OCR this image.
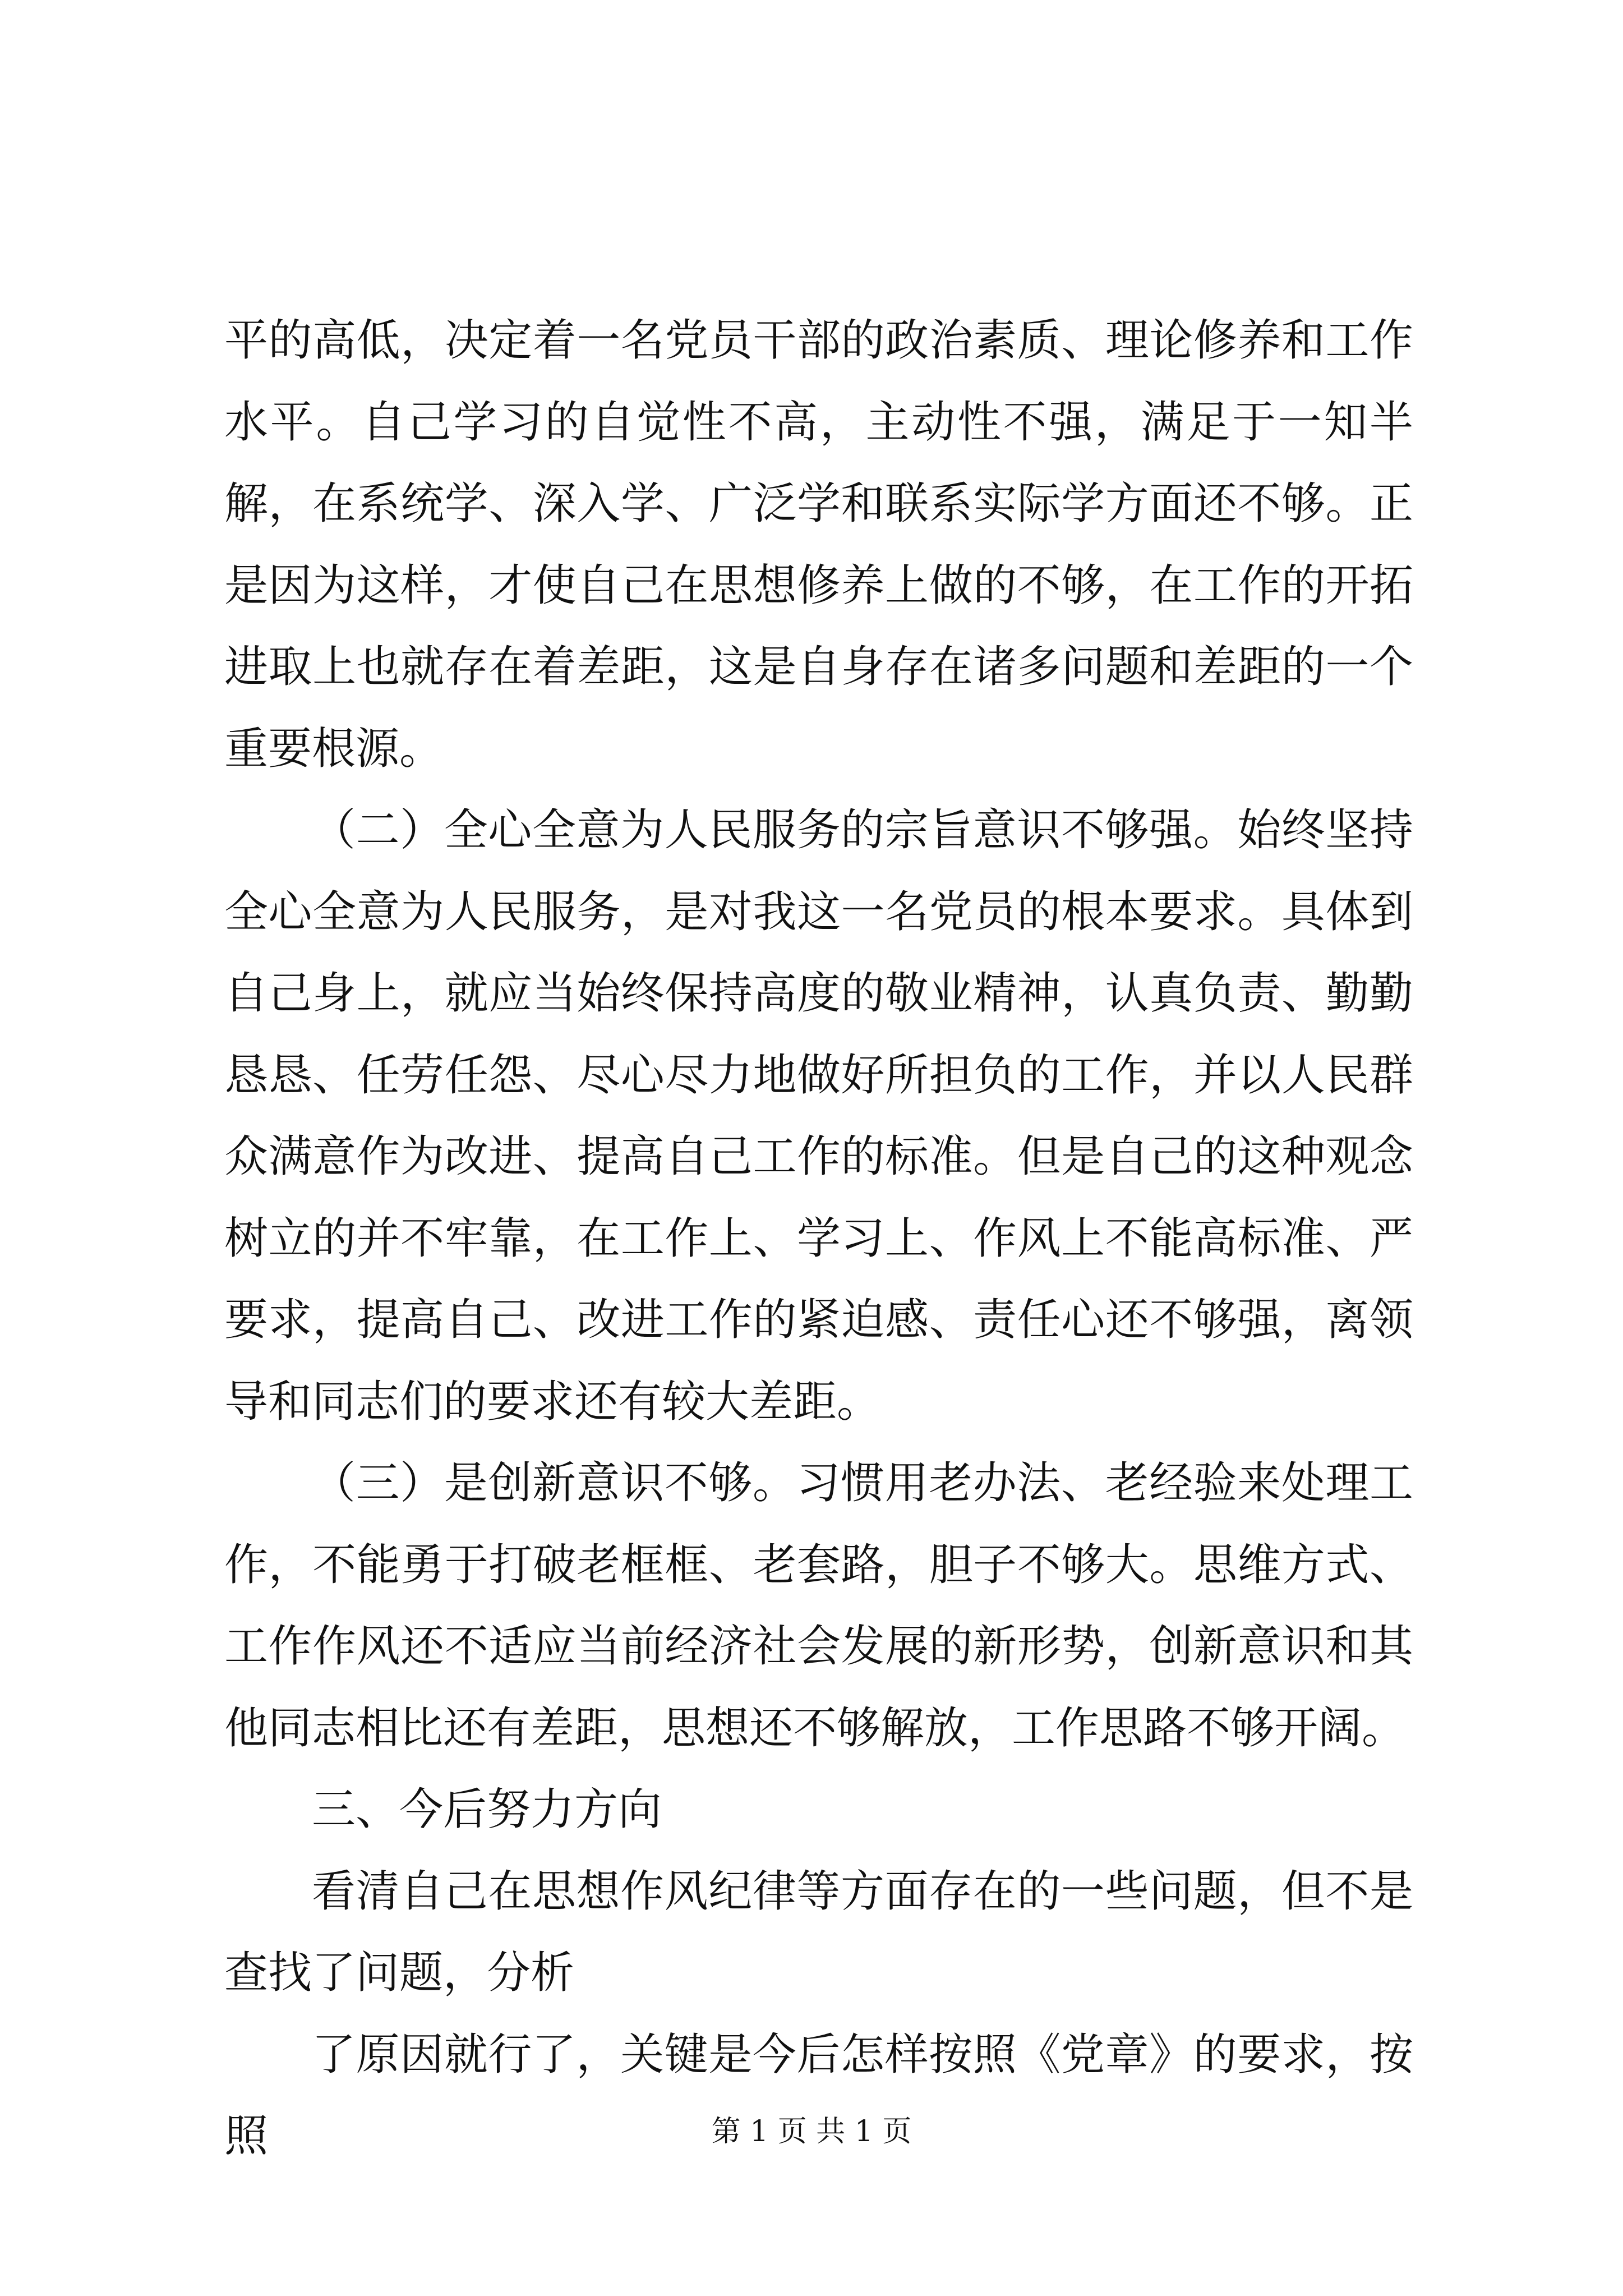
平的高低，决定着一名党员干部的政治素质、理论修养和工作水平。自己学习的自觉性不高，主动性不强，满足于一知半解，在系统学、深入学、广泛学和联系实际学方面还不够。正是因为这样，才使自己在思想修养上做的不够，在工作的开拓进取上也就存在着差距，这是自身存在诸多问题和差距的一个重要根源。

（二）全心全意为人民服务的宗旨意识不够强。始终坚持全心全意为人民服务，是对我这一名党员的根本要求。具体到自己身上，就应当始终保持高度的敬业精神，认真负责、勤勤恳恳、任劳任怨、尽心尽力地做好所担负的工作，并以人民群众满意作为改进、提高自己工作的标准。但是自己的这种观念树立的并不牢靠，在工作上、学习上、作风上不能高标准、严要求，提高自己、改进工作的紧迫感、责任心还不够强，离领导和同志们的要求还有较大差距。

（三）是创新意识不够。习惯用老办法、老经验来处理工作，不能勇于打破老框框、老套路，胆子不够大。思维方式、工作作风还不适应当前经济社会发展的新形势，创新意识和其他同志相比还有差距，思想还不够解放，工作思路不够开阔。

三、今后努力方向

看清自己在思想作风纪律等方面存在的一些问题，但不是查找了问题，分析

了原因就行了，关键是今后怎样按照《党章》的要求，按照	第 1 页 共 1 页
